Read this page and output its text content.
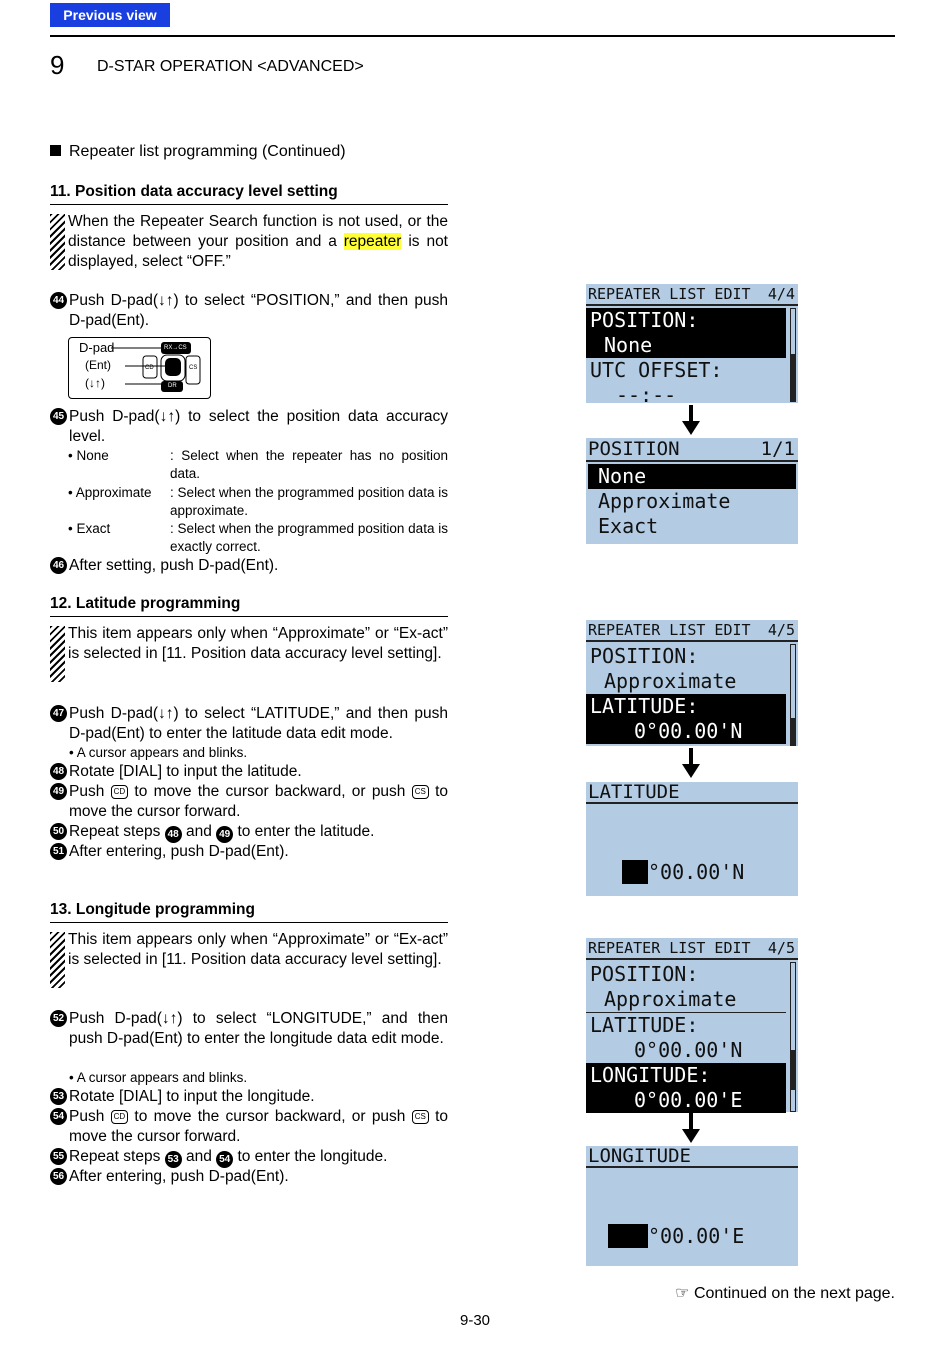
Previous view
9 D-STAR OPERATION <ADVANCED>
Repeater list programming (Continued)
11. Position data accuracy level setting
When the Repeater Search function is not used, or the distance between your position and a repeater is not displayed, select “OFF.”
44 Push D-pad(↓↑) to select “POSITION,” and then push D-pad(Ent).
D-pad
(Ent)
(↓↑)
RX→CS
DR
CS
CD
45 Push D-pad(↓↑) to select the position data accuracy level.
• None	: Select when the repeater has no position data.
• Approximate	: Select when the programmed position data is approximate.
• Exact	: Select when the programmed position data is exactly correct.
46 After setting, push D-pad(Ent).
12. Latitude programming
This item appears only when “Approximate” or “Ex-act” is selected in [11. Position data accuracy level setting].
47 Push D-pad(↓↑) to select “LATITUDE,” and then push D-pad(Ent) to enter the latitude data edit mode.
• A cursor appears and blinks.
48 Rotate [DIAL] to input the latitude.
49 Push CD to move the cursor backward, or push CS to move the cursor forward.
50 Repeat steps 48 and 49 to enter the latitude.
51 After entering, push D-pad(Ent).
13. Longitude programming
This item appears only when “Approximate” or “Ex-act” is selected in [11. Position data accuracy level setting].
52 Push D-pad(↓↑) to select “LONGITUDE,” and then push D-pad(Ent) to enter the longitude data edit mode.
• A cursor appears and blinks.
53 Rotate [DIAL] to input the longitude.
54 Push CD to move the cursor backward, or push CS to move the cursor forward.
55 Repeat steps 53 and 54 to enter the longitude.
56 After entering, push D-pad(Ent).
REPEATER LIST EDIT 4/4
POSITION:
None
UTC OFFSET:
--:--
POSITION	1/1
None
Approximate
Exact
REPEATER LIST EDIT 4/5
POSITION:
Approximate
LATITUDE:
0°00.00'N
LATITUDE
°00.00'N
REPEATER LIST EDIT 4/5
POSITION:
Approximate
LATITUDE:
0°00.00'N
LONGITUDE:
0°00.00'E
LONGITUDE
°00.00'E
☞ Continued on the next page.
9-30
